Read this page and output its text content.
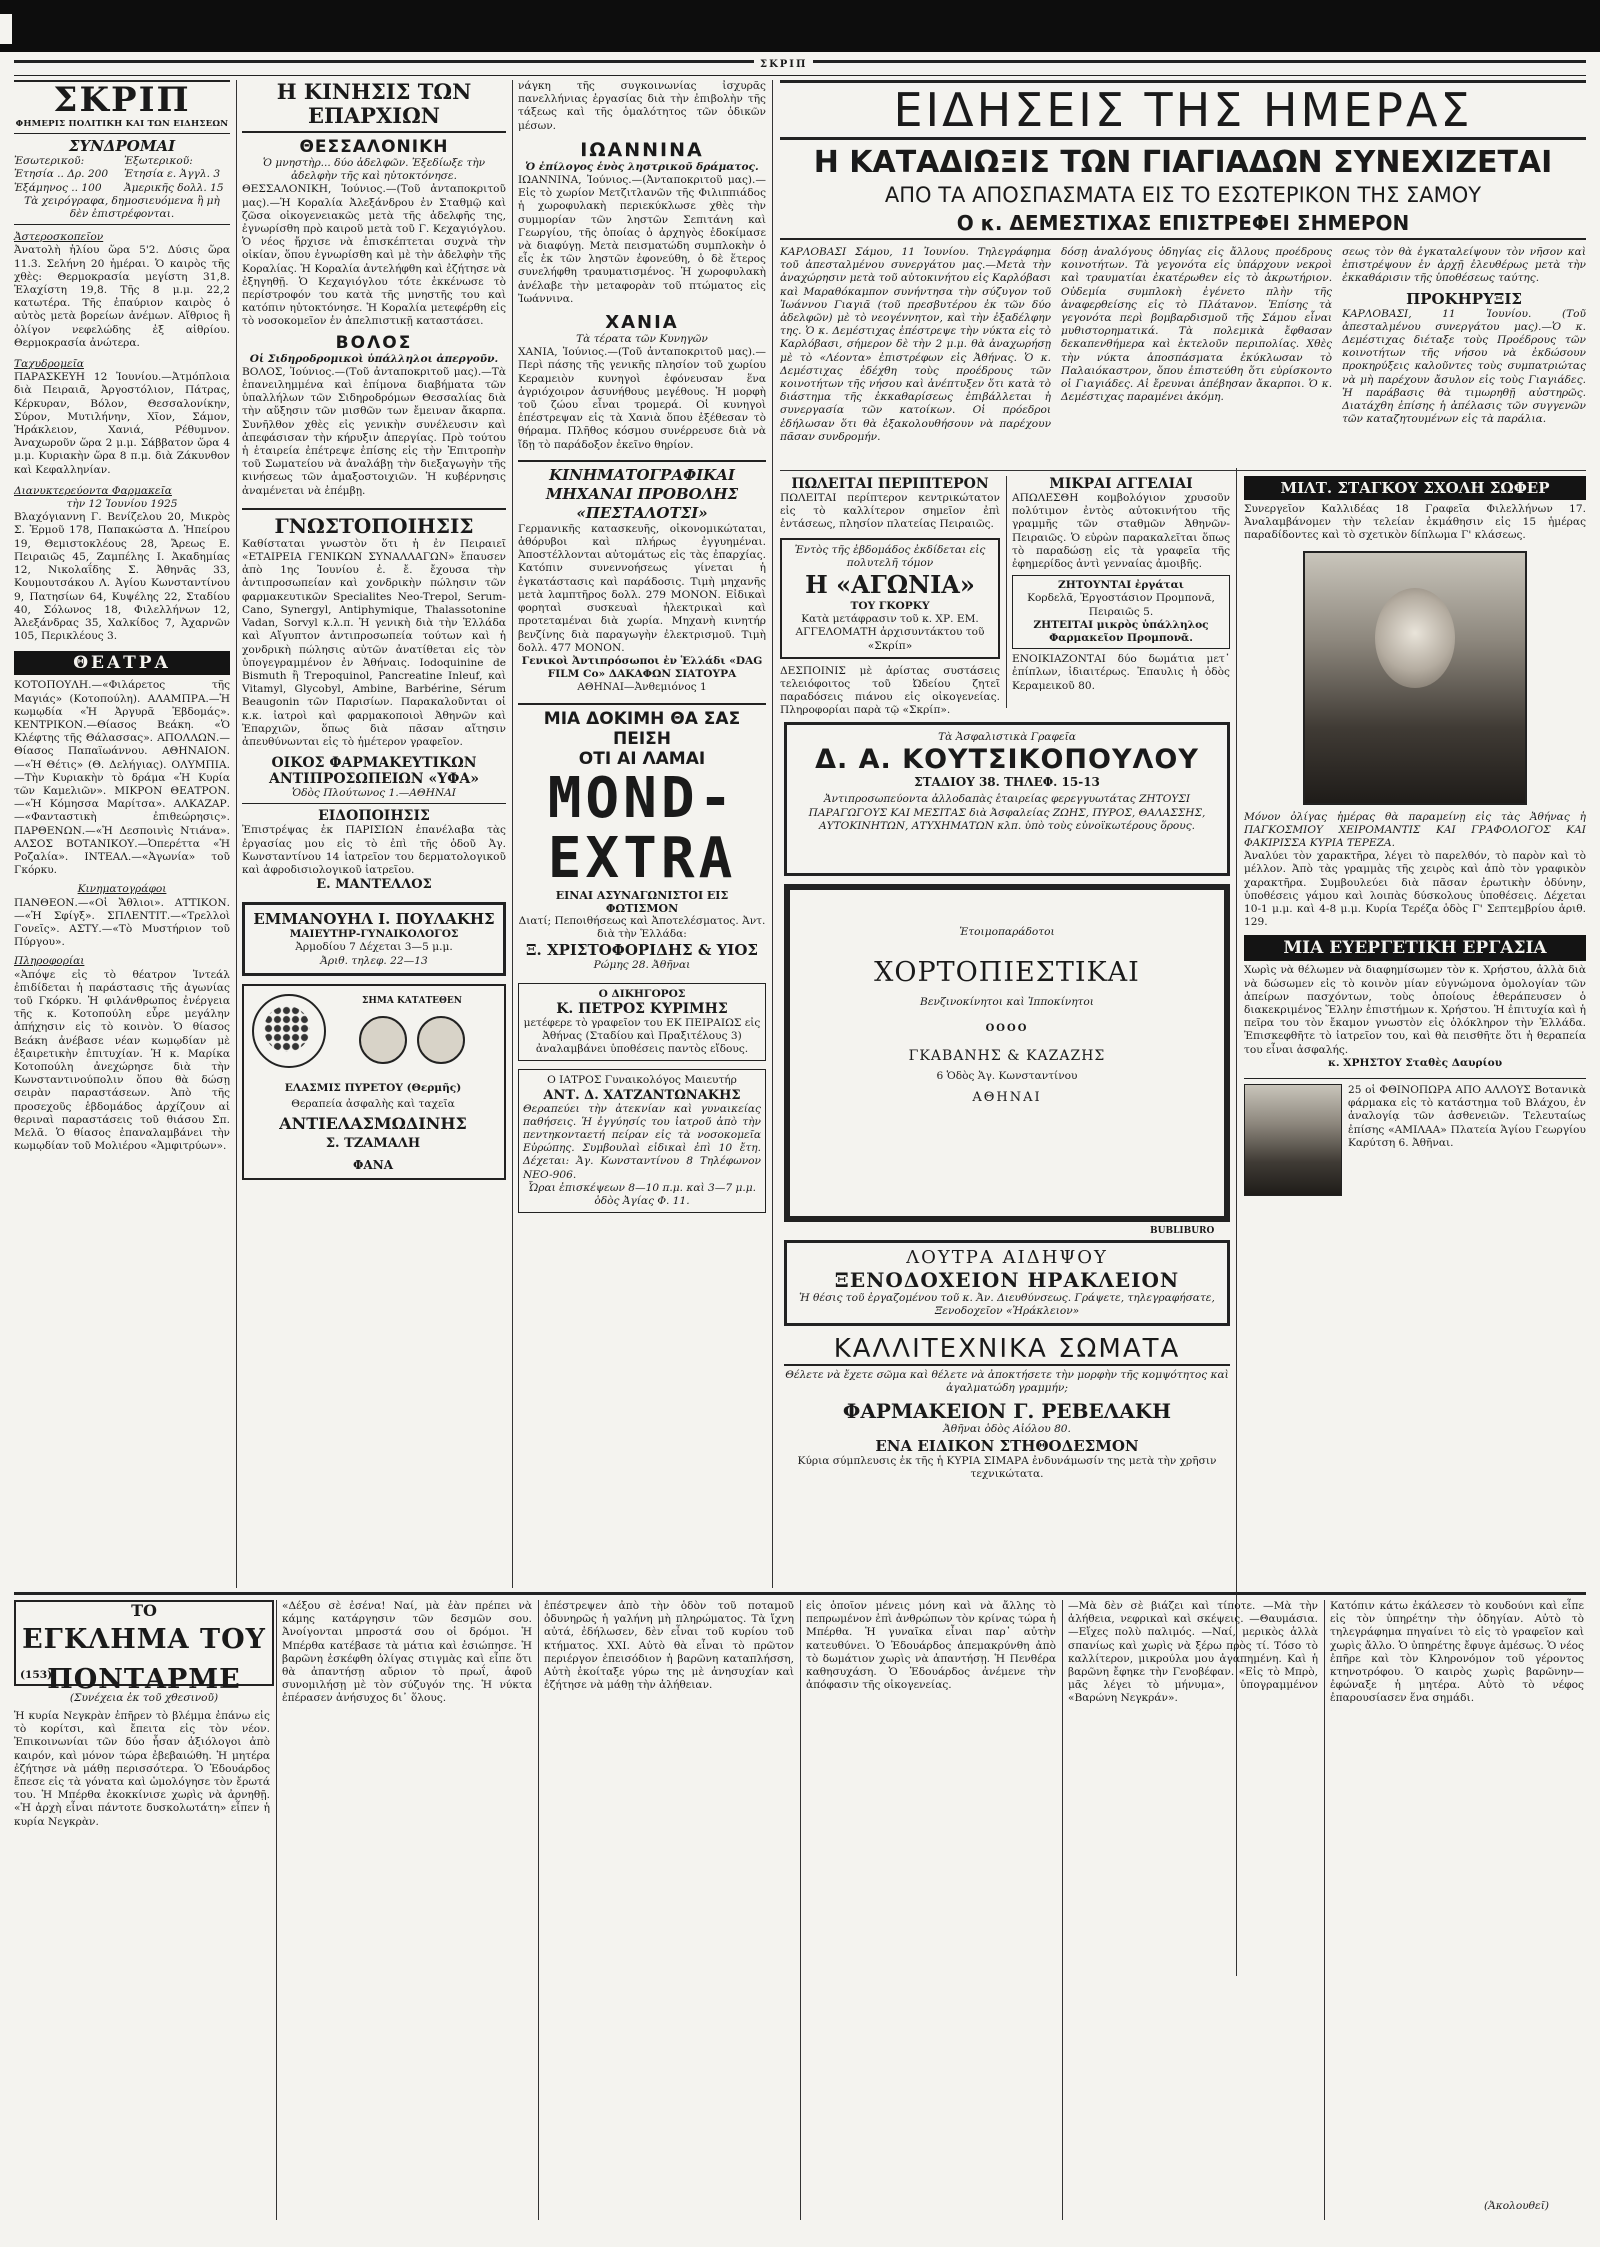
ΣΚΡΙΠ
ΣΚΡΙΠ
ΦΗΜΕΡΙΣ ΠΟΛΙΤΙΚΗ ΚΑΙ ΤΩΝ ΕΙΔΗΣΕΩΝ
ΣΥΝΔΡΟΜΑΙ
Ἐσωτερικοῦ: Ἐτησία .. Δρ. 200 Ἑξάμηνος .. 100
Ἐξωτερικοῦ: Ἐτησία ε. Ἀγγλ. 3 Ἀμερικῆς δολλ. 15
Τὰ χειρόγραφα, δημοσιευόμενα ἢ μὴ δὲν ἐπιστρέφονται.
Ἀστεροσκοπεῖον

Ἀνατολὴ ἡλίου ὥρα 5'2. Δύσις ὥρα 11.3. Σελήνη 20 ἡμέραι. Ὁ καιρὸς τῆς χθὲς: Θερμοκρασία μεγίστη 31,8. Ἐλαχίστη 19,8. Τῆς 8 μ.μ. 22,2 κατωτέρα. Τῆς ἐπαύριον καιρὸς ὁ αὐτὸς μετὰ βορείων ἀνέμων. Αἴθριος ἢ ὀλίγον νεφελώδης ἐξ αἰθρίου. Θερμοκρασία ἀνώτερα.

Ταχυδρομεῖα

ΠΑΡΑΣΚΕΥΗ 12 Ἰουνίου.—Ἀτμόπλοια διὰ Πειραιᾶ, Ἀργοστόλιον, Πάτρας, Κέρκυραν, Βόλον, Θεσσαλονίκην, Σύρον, Μυτιλήνην, Χῖον, Σάμον, Ἡράκλειον, Χανιά, Ρέθυμνον. Ἀναχωροῦν ὥρα 2 μ.μ. Σάββατον ὥρα 4 μ.μ. Κυριακὴν ὥρα 8 π.μ. διὰ Ζάκυνθον καὶ Κεφαλληνίαν.

Διανυκτερεύοντα Φαρμακεῖα
τὴν 12 Ἰουνίου 1925

Βλαχόγιαννη Γ. Βενίζελου 20, Μικρὸς Σ. Ἐρμοῦ 178, Παπακώστα Δ. Ἠπείρου 19, Θεμιστοκλέους 28, Ἄρεως Ε. Πειραιῶς 45, Ζαμπέλης Ι. Ἀκαδημίας 12, Νικολαΐδης Σ. Ἀθηνᾶς 33, Κουμουτσάκου Λ. Ἀγίου Κωνσταντίνου 9, Πατησίων 64, Κυψέλης 22, Σταδίου 40, Σόλωνος 18, Φιλελλήνων 12, Ἀλεξάνδρας 35, Χαλκίδος 7, Ἀχαρνῶν 105, Περικλέους 3.

ΘΕΑΤΡΑ

ΚΟΤΟΠΟΥΛΗ.—«Φιλάρετος τῆς Μαγιάς» (Κοτοπούλη). ΑΛΑΜΠΡΑ.—Ἡ κωμῳδία «Ἡ Ἀργυρᾶ Ἐβδομάς». ΚΕΝΤΡΙΚΟΝ.—Θίασος Βεάκη. «Ὁ Κλέφτης τῆς Θάλασσας». ΑΠΟΛΛΩΝ.—Θίασος Παπαϊωάννου. ΑΘΗΝΑΙΟΝ.—«Ἡ Θέτις» (Θ. Δελήγιας). ΟΛΥΜΠΙΑ.—Τὴν Κυριακὴν τὸ δράμα «Ἡ Κυρία τῶν Καμελιῶν». ΜΙΚΡΟΝ ΘΕΑΤΡΟΝ.—«Ἡ Κόμησσα Μαρίτσα». ΑΛΚΑΖΑΡ.—«Φανταστικὴ ἐπιθεώρησις». ΠΑΡΘΕΝΩΝ.—«Ἡ Δεσποινὶς Ντιάνα». ΑΛΣΟΣ ΒΟΤΑΝΙΚΟΥ.—Ὀπερέττα «Ἡ Ροζαλία». ΙΝΤΕΑΛ.—«Ἀγωνία» τοῦ Γκόρκυ.

Κινηματογράφοι

ΠΑΝΘΕΟΝ.—«Οἱ Ἄθλιοι». ΑΤΤΙΚΟΝ.—«Ἡ Σφίγξ». ΣΠΛΕΝΤΙΤ.—«Τρελλοὶ Γονεῖς». ΑΣΤΥ.—«Τὸ Μυστήριον τοῦ Πύργου».

Πληροφορίαι

«Ἀπόψε εἰς τὸ θέατρον Ἰντεάλ ἐπιδίδεται ἡ παράστασις τῆς ἀγωνίας τοῦ Γκόρκυ. Ἡ φιλάνθρωπος ἐνέργεια τῆς κ. Κοτοπούλη εὗρε μεγάλην ἀπήχησιν εἰς τὸ κοινὸν. Ὁ θίασος Βεάκη ἀνέβασε νέαν κωμῳδίαν μὲ ἐξαιρετικὴν ἐπιτυχίαν. Ἡ κ. Μαρίκα Κοτοπούλη ἀνεχώρησε διὰ τὴν Κωνσταντινούπολιν ὅπου θὰ δώσῃ σειρὰν παραστάσεων. Ἀπὸ τῆς προσεχοῦς ἑβδομάδος ἀρχίζουν αἱ θεριναὶ παραστάσεις τοῦ θιάσου Σπ. Μελᾶ. Ὁ θίασος ἐπαναλαμβάνει τὴν κωμῳδίαν τοῦ Μολιέρου «Ἀμφιτρύων».

Η ΚΙΝΗΣΙΣ ΤΩΝ ΕΠΑΡΧΙΩΝ
ΘΕΣΣΑΛΟΝΙΚΗ
Ὁ μνηστὴρ... δύο ἀδελφῶν. Ἐξεδίωξε τὴν ἀδελφὴν τῆς καὶ ηὐτοκτόνησε.

ΘΕΣΣΑΛΟΝΙΚΗ, Ἰούνιος.—(Τοῦ ἀνταποκριτοῦ μας).—Ἡ Κοραλία Ἀλεξάνδρου ἐν Σταθμῷ καὶ ζῶσα οἰκογενειακῶς μετὰ τῆς ἀδελφῆς της, ἐγνωρίσθη πρὸ καιροῦ μετὰ τοῦ Γ. Κεχαγιόγλου. Ὁ νέος ἤρχισε νὰ ἐπισκέπτεται συχνὰ τὴν οἰκίαν, ὅπου ἐγνωρίσθη καὶ μὲ τὴν ἀδελφὴν τῆς Κοραλίας. Ἡ Κοραλία ἀντελήφθη καὶ ἐζήτησε νὰ ἐξηγηθῇ. Ὁ Κεχαγιόγλου τότε ἐκκένωσε τὸ περίστροφόν του κατὰ τῆς μνηστῆς του καὶ κατόπιν ηὐτοκτόνησε. Ἡ Κοραλία μετεφέρθη εἰς τὸ νοσοκομεῖον ἐν ἀπελπιστικῇ καταστάσει.

ΒΟΛΟΣ
Οἱ Σιδηροδρομικοὶ ὑπάλληλοι ἀπεργοῦν.

ΒΟΛΟΣ, Ἰούνιος.—(Τοῦ ἀνταποκριτοῦ μας).—Τὰ ἐπανειλημμένα καὶ ἐπίμονα διαβήματα τῶν ὑπαλλήλων τῶν Σιδηροδρόμων Θεσσαλίας διὰ τὴν αὔξησιν τῶν μισθῶν των ἔμειναν ἄκαρπα. Συνῆλθον χθὲς εἰς γενικὴν συνέλευσιν καὶ ἀπεφάσισαν τὴν κήρυξιν ἀπεργίας. Πρὸ τούτου ἡ ἑταιρεία ἐπέτρεψε ἐπίσης εἰς τὴν Ἐπιτροπὴν τοῦ Σωματείου νὰ ἀναλάβῃ τὴν διεξαγωγὴν τῆς κινήσεως τῶν ἀμαξοστοιχιῶν. Ἡ κυβέρνησις ἀναμένεται νὰ ἐπέμβῃ.

ΓΝΩΣΤΟΠΟΙΗΣΙΣ

Καθίσταται γνωστὸν ὅτι ἡ ἐν Πειραιεῖ «ΕΤΑΙΡΕΙΑ ΓΕΝΙΚΩΝ ΣΥΝΑΛΛΑΓΩΝ» ἔπαυσεν ἀπὸ 1ης Ἰουνίου ἐ. ἔ. ἔχουσα τὴν ἀντιπροσωπείαν καὶ χονδρικὴν πώλησιν τῶν φαρμακευτικῶν Specialites Neo-Trepol, Serum-Cano, Synergyl, Antiphymique, Thalassotonine Vadan, Sorvyl κ.λ.π. Ἡ γενικὴ διὰ τὴν Ἑλλάδα καὶ Αἴγυπτον ἀντιπροσωπεία τούτων καὶ ἡ χονδρικὴ πώλησις αὐτῶν ἀνατίθεται εἰς τὸν ὑπογεγραμμένον ἐν Ἀθήναις. Iodoquinine de Bismuth ἢ Trepoquinol, Pancreatine Inleuf, καὶ Vitamyl, Glycobyl, Ambine, Barbérine, Sérum Beaugonin τῶν Παρισίων. Παρακαλοῦνται οἱ κ.κ. ἰατροὶ καὶ φαρμακοποιοὶ Ἀθηνῶν καὶ Ἐπαρχιῶν, ὅπως διὰ πᾶσαν αἴτησιν ἀπευθύνωνται εἰς τὸ ἡμέτερον γραφεῖον.

ΟΙΚΟΣ ΦΑΡΜΑΚΕΥΤΙΚΩΝ ΑΝΤΙΠΡΟΣΩΠΕΙΩΝ «ΥΦΑ»
Ὁδὸς Πλούτωνος 1.—ΑΘΗΝΑΙ
ΕΙΔΟΠΟΙΗΣΙΣ

Ἐπιστρέψας ἐκ ΠΑΡΙΣΙΩΝ ἐπανέλαβα τὰς ἐργασίας μου εἰς τὸ ἐπὶ τῆς ὁδοῦ Ἀγ. Κωνσταντίνου 14 ἰατρεῖον του δερματολογικοῦ καὶ ἀφροδισιολογικοῦ ἰατρεῖου.

Ε. ΜΑΝΤΕΛΛΟΣ
ΕΜΜΑΝΟΥΗΛ Ι. ΠΟΥΛΑΚΗΣ
ΜΑΙΕΥΤΗΡ-ΓΥΝΑΙΚΟΛΟΓΟΣ
Ἀρμοδίου 7 Δέχεται 3—5 μ.μ.
Ἀριθ. τηλεφ. 22—13
ΣΗΜΑ ΚΑΤΑΤΕΘΕΝ
ΕΛΑΣΜΙΣ ΠΥΡΕΤΟΥ (Θερμῆς)
Θεραπεία ἀσφαλὴς καὶ ταχεῖα
ΑΝΤΙΕΛΑΣΜΩΔΙΝΗΣ
Σ. ΤΖΑΜΑΛΗ
ΦΑΝΑ

νάγκη τῆς συγκοινωνίας ἰσχυρᾶς πανελλήνιας ἐργασίας διὰ τὴν ἐπιβολὴν τῆς τάξεως καὶ τῆς ὁμαλότητος τῶν ὁδικῶν μέσων.

ΙΩΑΝΝΙΝΑ
Ὁ ἐπίλογος ἑνὸς ληστρικοῦ δράματος.

ΙΩΑΝΝΙΝΑ, Ἰούνιος.—(Ἀνταποκριτοῦ μας).—Εἰς τὸ χωρίον Μετζιτλανῶν τῆς Φιλιππιάδος ἡ χωροφυλακὴ περιεκύκλωσε χθὲς τὴν συμμορίαν τῶν ληστῶν Σεπιτάνη καὶ Γεωργίου, τῆς ὁποίας ὁ ἀρχηγὸς ἐδοκίμασε νὰ διαφύγῃ. Μετὰ πεισματώδη συμπλοκὴν ὁ εἷς ἐκ τῶν ληστῶν ἐφονεύθη, ὁ δὲ ἕτερος συνελήφθη τραυματισμένος. Ἡ χωροφυλακὴ ἀνέλαβε τὴν μεταφορὰν τοῦ πτώματος εἰς Ἰωάννινα.

ΧΑΝΙΑ
Τὰ τέρατα τῶν Κυνηγῶν

ΧΑΝΙΑ, Ἰούνιος.—(Τοῦ ἀνταποκριτοῦ μας).—Περὶ πάσης τῆς γενικῆς πλησίον τοῦ χωρίου Κεραμειὸν κυνηγοὶ ἐφόνευσαν ἕνα ἀγριόχοιρον ἀσυνήθους μεγέθους. Ἡ μορφὴ τοῦ ζώου εἶναι τρομερά. Οἱ κυνηγοὶ ἐπέστρεψαν εἰς τὰ Χανιὰ ὅπου ἐξέθεσαν τὸ θήραμα. Πλῆθος κόσμου συνέρρευσε διὰ νὰ ἴδῃ τὸ παράδοξον ἐκεῖνο θηρίον.

ΚΙΝΗΜΑΤΟΓΡΑΦΙΚΑΙ ΜΗΧΑΝΑΙ ΠΡΟΒΟΛΗΣ «ΠΕΣΤΑΛΟΤΣΙ»

Γερμανικῆς κατασκευῆς, οἰκονομικώταται, ἀθόρυβοι καὶ πλήρως ἐγγυημέναι. Ἀποστέλλονται αὐτομάτως εἰς τὰς ἐπαρχίας. Κατόπιν συνεννοήσεως γίνεται ἡ ἐγκατάστασις καὶ παράδοσις. Τιμὴ μηχανῆς μετὰ λαμπτῆρος δολλ. 279 ΜΟΝΟΝ. Εἰδικαὶ φορηταὶ συσκευαὶ ἡλεκτρικαὶ καὶ προτεταμέναι διὰ χωρία. Μηχανὴ κινητήρ βενζίνης διὰ παραγωγὴν ἐλεκτρισμοῦ. Τιμὴ δολλ. 477 ΜΟΝΟΝ.

Γενικοὶ Ἀντιπρόσωποι ἐν Ἑλλάδι «DAG FILM Co» ΔΑΚΑΦΩΝ ΣΙΑΤΟΥΡΑ
ΑΘΗΝΑΙ—Ἀνθεμιόνος 1
ΜΙΑ ΔΟΚΙΜΗ ΘΑ ΣΑΣ ΠΕΙΣΗ
ΟΤΙ ΑΙ ΛΑΜΑΙ
MOND-
EXTRA
ΕΙΝΑΙ ΑΣΥΝΑΓΩΝΙΣΤΟΙ ΕΙΣ ΦΩΤΙΣΜΟΝ
Διατί; Πεποιθήσεως καὶ Ἀποτελέσματος. Ἀντ. διὰ τὴν Ἑλλάδα:
Ξ. ΧΡΙΣΤΟΦΟΡΙΔΗΣ & ΥΙΟΣ
Ρώμης 28. Ἀθῆναι
Ο ΔΙΚΗΓΟΡΟΣ
Κ. ΠΕΤΡΟΣ ΚΥΡΙΜΗΣ

μετέφερε τὸ γραφεῖον του ΕΚ ΠΕΙΡΑΙΩΣ εἰς Ἀθήνας (Σταδίου καὶ Πραξιτέλους 3) ἀναλαμβάνει ὑποθέσεις παντὸς εἴδους.

Ο ΙΑΤΡΟΣ Γυναικολόγος Μαιευτήρ
ΑΝΤ. Δ. ΧΑΤΖΑΝΤΩΝΑΚΗΣ

Θεραπεύει τὴν ἀτεκνίαν καὶ γυναικείας παθήσεις. Ἡ ἐγγύησίς του ἰατροῦ ἀπὸ τὴν πεντηκονταετή πείραν εἰς τὰ νοσοκομεῖα Εὐρώπης. Συμβουλαὶ εἰδικαὶ ἐπὶ 10 ἔτη. Δέχεται: Ἀγ. Κωνσταντίνου 8 Τηλέφωνον NEO-906.

Ὧραι ἐπισκέψεων 8—10 π.μ. καὶ 3—7 μ.μ. ὁδὸς Ἀγίας Φ. 11.
ΕΙΔΗΣΕΙΣ ΤΗΣ ΗΜΕΡΑΣ
Η ΚΑΤΑΔΙΩΞΙΣ ΤΩΝ ΓΙΑΓΙΑΔΩΝ ΣΥΝΕΧΙΖΕΤΑΙ
ΑΠΟ ΤΑ ΑΠΟΣΠΑΣΜΑΤΑ ΕΙΣ ΤΟ ΕΣΩΤΕΡΙΚΟΝ ΤΗΣ ΣΑΜΟΥ
Ο κ. ΔΕΜΕΣΤΙΧΑΣ ΕΠΙΣΤΡΕΦΕΙ ΣΗΜΕΡΟΝ

ΚΑΡΛΟΒΑΣΙ Σάμου, 11 Ἰουνίου. Τηλεγράφημα τοῦ ἀπεσταλμένου συνεργάτου μας.—Μετὰ τὴν ἀναχώρησιν μετὰ τοῦ αὐτοκινήτου εἰς Καρλόβασι καὶ Μαραθόκαμπον συνήντησα τὴν σύζυγον τοῦ Ἰωάννου Γιαγιᾶ (τοῦ πρεσβυτέρου ἐκ τῶν δύο ἀδελφῶν) μὲ τὸ νεογέννητον, καὶ τὴν ἐξαδέλφην της. Ὁ κ. Δεμέστιχας ἐπέστρεψε τὴν νύκτα εἰς τὸ Καρλόβασι, σήμερον δὲ τὴν 2 μ.μ. θὰ ἀναχωρήσῃ μὲ τὸ «Λέοντα» ἐπιστρέφων εἰς Ἀθήνας. Ὁ κ. Δεμέστιχας ἐδέχθη τοὺς προέδρους τῶν κοινοτήτων τῆς νήσου καὶ ἀνέπτυξεν ὅτι κατὰ τὸ διάστημα τῆς ἐκκαθαρίσεως ἐπιβάλλεται ἡ συνεργασία τῶν κατοίκων. Οἱ πρόεδροι ἐδήλωσαν ὅτι θὰ ἐξακολουθήσουν νὰ παρέχουν πᾶσαν συνδρομήν.

δόσῃ ἀναλόγους ὁδηγίας εἰς ἄλλους προέδρους κοινοτήτων. Τὰ γεγονότα εἰς ὑπάρχουν νεκροὶ καὶ τραυματίαι ἐκατέρωθεν εἰς τὸ ἀκρωτήριον. Οὐδεμία συμπλοκὴ ἐγένετο πλὴν τῆς ἀναφερθείσης εἰς τὸ Πλάτανον. Ἐπίσης τὰ γεγονότα περὶ βομβαρδισμοῦ τῆς Σάμου εἶναι μυθιστορηματικά. Τὰ πολεμικὰ ἔφθασαν δεκαπενθήμερα καὶ ἐκτελοῦν περιπολίας. Χθὲς τὴν νύκτα ἀποσπάσματα ἐκύκλωσαν τὸ Παλαιόκαστρον, ὅπου ἐπιστεύθη ὅτι εὑρίσκοντο οἱ Γιαγιάδες. Αἱ ἔρευναι ἀπέβησαν ἄκαρποι. Ὁ κ. Δεμέστιχας παραμένει ἀκόμη.

σεως τὸν θὰ ἐγκαταλείψουν τὸν νῆσον καὶ ἐπιστρέψουν ἐν ἀρχῇ ἐλευθέρως μετὰ τὴν ἐκκαθάρισιν τῆς ὑποθέσεως ταύτης.

ΠΡΟΚΗΡΥΞΙΣ

ΚΑΡΛΟΒΑΣΙ, 11 Ἰουνίου. (Τοῦ ἀπεσταλμένου συνεργάτου μας).—Ὁ κ. Δεμέστιχας διέταξε τοὺς Προέδρους τῶν κοινοτήτων τῆς νήσου νὰ ἐκδώσουν προκηρύξεις καλοῦντες τοὺς συμπατριώτας νὰ μὴ παρέχουν ἄσυλον εἰς τοὺς Γιαγιάδες. Ἡ παράβασις θὰ τιμωρηθῇ αὐστηρῶς. Διατάχθη ἐπίσης ἡ ἀπέλασις τῶν συγγενῶν τῶν καταζητουμένων εἰς τὰ παράλια.

ΠΩΛΕΙΤΑΙ ΠΕΡΙΠΤΕΡΟΝ

ΠΩΛΕΙΤΑΙ περίπτερον κεντρικώτατον εἰς τὸ καλλίτερον σημεῖον ἐπὶ ἐντάσεως, πλησίον πλατείας Πειραιῶς.

Ἐντὸς τῆς ἑβδομάδος ἐκδίδεται εἰς πολυτελῆ τόμον
Η «ΑΓΩΝΙΑ»
ΤΟΥ ΓΚΟΡΚΥ
Κατὰ μετάφρασιν τοῦ κ. ΧΡ. ΕΜ. ΑΓΓΕΛΟΜΑΤΗ ἀρχισυντάκτου τοῦ «Σκρίπ»

ΔΕΣΠΟΙΝΙΣ μὲ ἀρίστας συστάσεις τελειόφοιτος τοῦ Ὠδείου ζητεῖ παραδόσεις πιάνου εἰς οἰκογενείας. Πληροφορίαι παρὰ τῷ «Σκρίπ».

ΜΙΚΡΑΙ ΑΓΓΕΛΙΑΙ

ΑΠΩΛΕΣΘΗ κομβολόγιον χρυσοῦν πολύτιμον ἐντὸς αὐτοκινήτου τῆς γραμμῆς τῶν σταθμῶν Ἀθηνῶν-Πειραιῶς. Ὁ εὑρὼν παρακαλεῖται ὅπως τὸ παραδώσῃ εἰς τὰ γραφεῖα τῆς ἐφημερίδος ἀντὶ γενναίας ἀμοιβῆς.

ΖΗΤΟΥΝΤΑΙ ἐργάται
Κορδελᾶ, Ἐργοστάσιον Προμπονᾶ, Πειραιῶς 5.
ΖΗΤΕΙΤΑΙ μικρὸς ὑπάλληλος Φαρμακεῖον Προμπονᾶ.

ΕΝΟΙΚΙΑΖΟΝΤΑΙ δύο δωμάτια μετ᾿ ἐπίπλων, ἰδιαιτέρως. Ἐπαυλις ἡ ὁδὸς Κεραμεικοῦ 80.

ΜΙΛΤ. ΣΤΑΓΚΟΥ ΣΧΟΛΗ ΣΩΦΕΡ

Συνεργεῖον Καλλιδέας 18 Γραφεῖα Φιλελλήνων 17. Ἀναλαμβάνομεν τὴν τελείαν ἐκμάθησιν εἰς 15 ἡμέρας παραδίδοντες καὶ τὸ σχετικὸν δίπλωμα Γ' κλάσεως.

Μόνον ὀλίγας ἡμέρας θὰ παραμείνῃ εἰς τὰς Ἀθήνας ἡ ΠΑΓΚΟΣΜΙΟΥ ΧΕΙΡΟΜΑΝΤΙΣ ΚΑΙ ΓΡΑΦΟΛΟΓΟΣ ΚΑΙ ΦΑΚΙΡΙΣΣΑ ΚΥΡΙΑ ΤΕΡΕΖΑ.

Ἀναλύει τὸν χαρακτῆρα, λέγει τὸ παρελθόν, τὸ παρὸν καὶ τὸ μέλλον. Ἀπὸ τὰς γραμμὰς τῆς χειρὸς καὶ ἀπὸ τὸν γραφικὸν χαρακτῆρα. Συμβουλεύει διὰ πᾶσαν ἐρωτικὴν ὀδύνην, ὑποθέσεις γάμου καὶ λοιπὰς δύσκολους ὑποθέσεις. Δέχεται 10-1 μ.μ. καὶ 4-8 μ.μ. Κυρία Τερέζα ὁδὸς Γ' Σεπτεμβρίου ἀριθ. 129.

ΜΙΑ ΕΥΕΡΓΕΤΙΚΗ ΕΡΓΑΣΙΑ

Χωρὶς νὰ θέλωμεν νὰ διαφημίσωμεν τὸν κ. Χρήστου, ἀλλὰ διὰ νὰ δώσωμεν εἰς τὸ κοινὸν μίαν εὐγνώμονα ὁμολογίαν τῶν ἀπείρων πασχόντων, τοὺς ὁποίους ἐθεράπευσεν ὁ διακεκριμένος Ἕλλην ἐπιστήμων κ. Χρήστου. Ἡ ἐπιτυχία καὶ ἡ πεῖρα του τὸν ἔκαμον γνωστὸν εἰς ὁλόκληρον τὴν Ἑλλάδα. Ἐπισκεφθῆτε τὸ ἰατρεῖον του, καὶ θὰ πεισθῆτε ὅτι ἡ θεραπεία του εἶναι ἀσφαλής.

κ. ΧΡΗΣΤΟΥ Σταθὲς Δαυρίου

25 οἱ ΦΘΙΝΟΠΩΡΑ ΑΠΟ ΑΛΛΟΥΣ Βοτανικὰ φάρμακα εἰς τὸ κατάστημα τοῦ Βλάχου, ἐν ἀναλογίᾳ τῶν ἀσθενειῶν. Τελευταίως ἐπίσης «ΑΜΙΛΑΑ» Πλατεία Ἁγίου Γεωργίου Καρύτση 6. Ἀθῆναι.

Τὰ Ἀσφαλιστικὰ Γραφεῖα
Δ. Α. ΚΟΥΤΣΙΚΟΠΟΥΛΟΥ
ΣΤΑΔΙΟΥ 38. ΤΗΛΕΦ. 15-13

Ἀντιπροσωπεύοντα ἀλλοδαπὰς ἑταιρείας φερεγγυωτάτας ΖΗΤΟΥΣΙ ΠΑΡΑΓΩΓΟΥΣ ΚΑΙ ΜΕΣΙΤΑΣ διὰ Ἀσφαλείας ΖΩΗΣ, ΠΥΡΟΣ, ΘΑΛΑΣΣΗΣ, ΑΥΤΟΚΙΝΗΤΩΝ, ΑΤΥΧΗΜΑΤΩΝ κλπ. ὑπὸ τοὺς εὐνοϊκωτέρους ὅρους.

Ἑτοιμοπαράδοτοι
ΧΟΡΤΟΠΙΕΣΤΙΚΑΙ
Βενζινοκίνητοι καὶ Ἱπποκίνητοι
ΟΟΟΟ
ΓΚΑΒΑΝΗΣ & ΚΑΖΑΖΗΣ
6 Ὁδὸς Ἁγ. Κωνσταντίνου
ΑΘΗΝΑΙ
BUBLIBURO
ΛΟΥΤΡΑ ΑΙΔΗΨΟΥ
ΞΕΝΟΔΟΧΕΙΟΝ ΗΡΑΚΛΕΙΟΝ
Ἡ θέσις τοῦ ἐργαζομένου τοῦ κ. Ἀν. Διευθύνσεως. Γράψετε, τηλεγραφήσατε, Ξενοδοχεῖον «Ἡράκλειον»
ΚΑΛΛΙΤΕΧΝΙΚΑ ΣΩΜΑΤΑ

Θέλετε νὰ ἔχετε σῶμα καὶ θέλετε νὰ ἀποκτήσετε τὴν μορφὴν τῆς κομψότητος καὶ ἀγαλματώδη γραμμήν;

ΦΑΡΜΑΚΕΙΟΝ Γ. ΡΕΒΕΛΑΚΗ
Ἀθῆναι ὁδὸς Αἰόλου 80.
ΕΝΑ ΕΙΔΙΚΟΝ ΣΤΗΘΟΔΕΣΜΟΝ

Κύρια σύμπλευσις ἐκ τῆς ἡ ΚΥΡΙΑ ΣΙΜΑΡΑ ἐνδυνάμωσίν της μετὰ τὴν χρῆσιν τεχνικώτατα.

ΤΟ
ΕΓΚΛΗΜΑ ΤΟΥ ΠΟΝΤΑΡΜΕ
(153)
(Συνέχεια ἐκ τοῦ χθεσινοῦ)

Ἡ κυρία Νεγκρὰν ἐπῆρεν τὸ βλέμμα ἐπάνω εἰς τὸ κορίτσι, καὶ ἔπειτα εἰς τὸν νέον. Ἐπικοινωνίαι τῶν δύο ἦσαν ἀξιόλογοι ἀπὸ καιρόν, καὶ μόνον τώρα ἐβεβαιώθη. Ἡ μητέρα ἐζήτησε νὰ μάθῃ περισσότερα. Ὁ Ἐδουάρδος ἔπεσε εἰς τὰ γόνατα καὶ ὡμολόγησε τὸν ἔρωτά του. Ἡ Μπέρθα ἐκοκκίνισε χωρὶς νὰ ἀρνηθῇ. «Ἡ ἀρχὴ εἶναι πάντοτε δυσκολωτάτη» εἶπεν ἡ κυρία Νεγκρὰν.

«Δέξου σὲ ἐσένα! Ναί, μὰ ἐὰν πρέπει νὰ κάμης κατάργησιν τῶν δεσμῶν σου. Ἀνοίγονται μπροστά σου οἱ δρόμοι. Ἡ Μπέρθα κατέβασε τὰ μάτια καὶ ἐσιώπησε. Ἡ βαρῶνη ἐσκέφθη ὀλίγας στιγμὰς καὶ εἶπε ὅτι θὰ ἀπαντήσῃ αὔριον τὸ πρωΐ, ἀφοῦ συνομιλήσῃ μὲ τὸν σύζυγόν της. Ἡ νύκτα ἐπέρασεν ἀνήσυχος δι᾿ ὅλους.

ἐπέστρεψεν ἀπὸ τὴν ὁδὸν τοῦ ποταμοῦ ὀδυνηρῶς ἡ γαλήνη μὴ πληρώματος. Τὰ ἴχνη αὐτά, ἐδήλωσεν, δὲν εἶναι τοῦ κυρίου τοῦ κτήματος. ΧΧΙ. Αὐτὸ θὰ εἶναι τὸ πρῶτον περιέργον ἐπεισόδιον ἡ βαρῶνη καταπλήσση, Αὐτὴ ἐκοίταξε γύρω της μὲ ἀνησυχίαν καὶ ἐζήτησε νὰ μάθῃ τὴν ἀλήθειαν.

εἰς ὁποῖον μένεις μόνη καὶ νὰ ἄλλης τὸ πεπρωμένον ἐπὶ ἀνθρώπων τὸν κρίνας τώρα ἡ Μπέρθα. Ἡ γυναῖκα εἶναι παρ᾿ αὐτὴν κατευθύνει. Ὁ Ἐδουάρδος ἀπεμακρύνθη ἀπὸ τὸ δωμάτιον χωρὶς νὰ ἀπαντήσῃ. Ἡ Πενθέρα καθησυχάση. Ὁ Ἐδουάρδος ἀνέμενε τὴν ἀπόφασιν τῆς οἰκογενείας.

—Μὰ δὲν σὲ βιάζει καὶ τίποτε. —Μὰ τὴν ἀλήθεια, νεφρικαὶ καὶ σκέψεις. —Θαυμάσια. —Εἴχες πολὺ παλιμός. —Ναί, μερικὸς ἀλλὰ σπανίως καὶ χωρὶς νὰ ξέρω πρὸς τί. Τόσο τὸ καλλίτερον, μικρούλα μου ἀγαπημένη. Καὶ ἡ βαρῶνη ἔφηκε τὴν Γενοβέφαν. «Εἰς τὸ Μπρὸ, μᾶς λέγει τὸ μήνυμα», ὑπογραμμένον «Βαρώνη Νεγκράν».

Κατόπιν κάτω ἐκάλεσεν τὸ κουδούνι καὶ εἶπε εἰς τὸν ὑπηρέτην τὴν ὁδηγίαν. Αὐτὸ τὸ τηλεγράφημα πηγαίνει τὸ εἰς τὸ γραφεῖον καὶ χωρὶς ἄλλο. Ὁ ὑπηρέτης ἔφυγε ἀμέσως. Ὁ νέος ἐπῆρε καὶ τὸν Κληρονόμον τοῦ γέροντος κτηνοτρόφου. Ὁ καιρὸς χωρὶς βαρῶνην—ἐφώναξε ἡ μητέρα. Αὐτὸ τὸ νέφος ἐπαρουσίασεν ἕνα σημάδι.

(Ἀκολουθεῖ)
